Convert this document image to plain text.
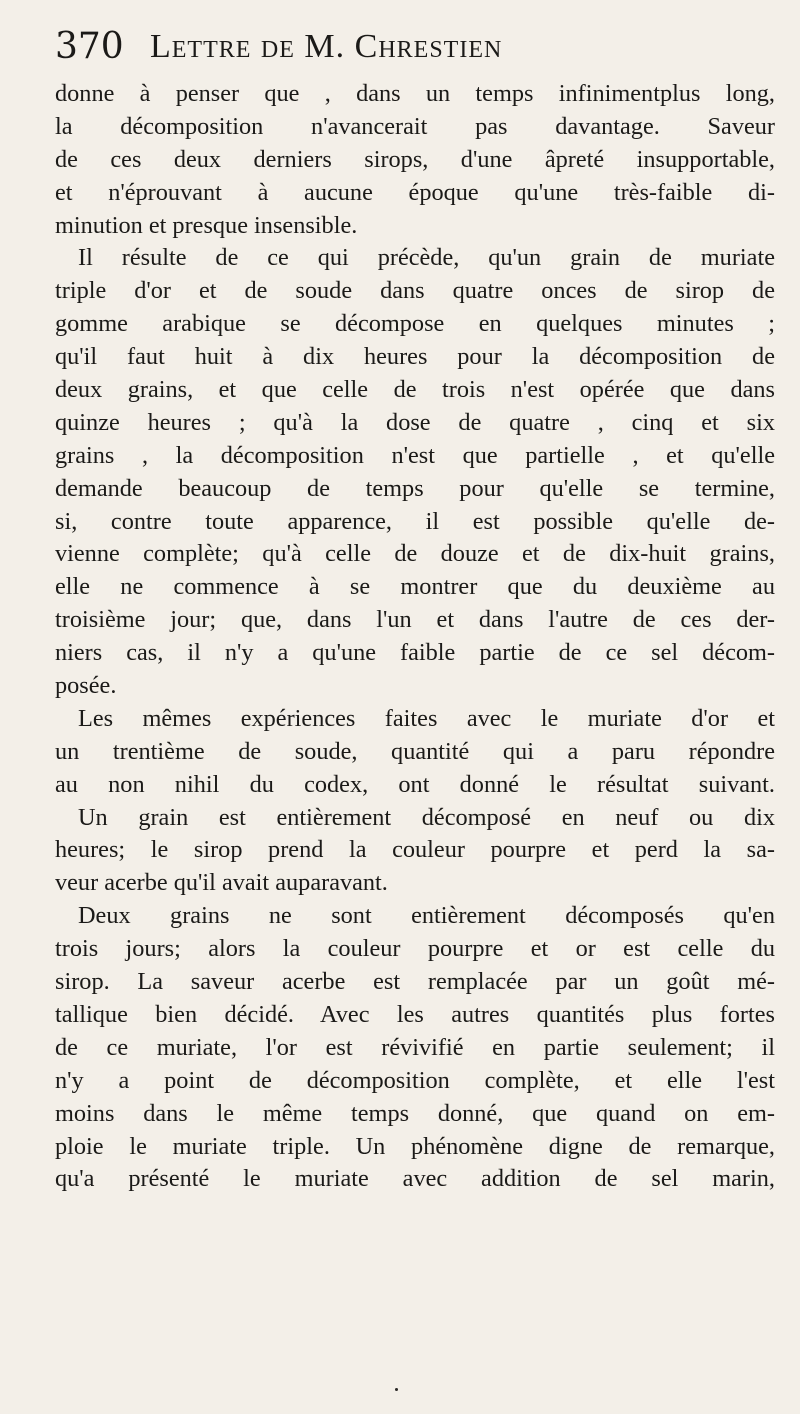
370 Lettre de M. Chrestien
donne à penser que , dans un temps infinimentplus long,
la décomposition n'avancerait pas davantage. Saveur
de ces deux derniers sirops, d'une âpreté insupportable,
et n'éprouvant à aucune époque qu'une très-faible di-
minution et presque insensible.
Il résulte de ce qui précède, qu'un grain de muriate
triple d'or et de soude dans quatre onces de sirop de
gomme arabique se décompose en quelques minutes ;
qu'il faut huit à dix heures pour la décomposition de
deux grains, et que celle de trois n'est opérée que dans
quinze heures ; qu'à la dose de quatre , cinq et six
grains , la décomposition n'est que partielle , et qu'elle
demande beaucoup de temps pour qu'elle se termine,
si, contre toute apparence, il est possible qu'elle de-
vienne complète; qu'à celle de douze et de dix-huit grains,
elle ne commence à se montrer que du deuxième au
troisième jour; que, dans l'un et dans l'autre de ces der-
niers cas, il n'y a qu'une faible partie de ce sel décom-
posée.
Les mêmes expériences faites avec le muriate d'or et
un trentième de soude, quantité qui a paru répondre
au non nihil du codex, ont donné le résultat suivant.
Un grain est entièrement décomposé en neuf ou dix
heures; le sirop prend la couleur pourpre et perd la sa-
veur acerbe qu'il avait auparavant.
Deux grains ne sont entièrement décomposés qu'en
trois jours; alors la couleur pourpre et or est celle du
sirop. La saveur acerbe est remplacée par un goût mé-
tallique bien décidé. Avec les autres quantités plus fortes
de ce muriate, l'or est révivifié en partie seulement; il
n'y a point de décomposition complète, et elle l'est
moins dans le même temps donné, que quand on em-
ploie le muriate triple. Un phénomène digne de remarque,
qu'a présenté le muriate avec addition de sel marin,
